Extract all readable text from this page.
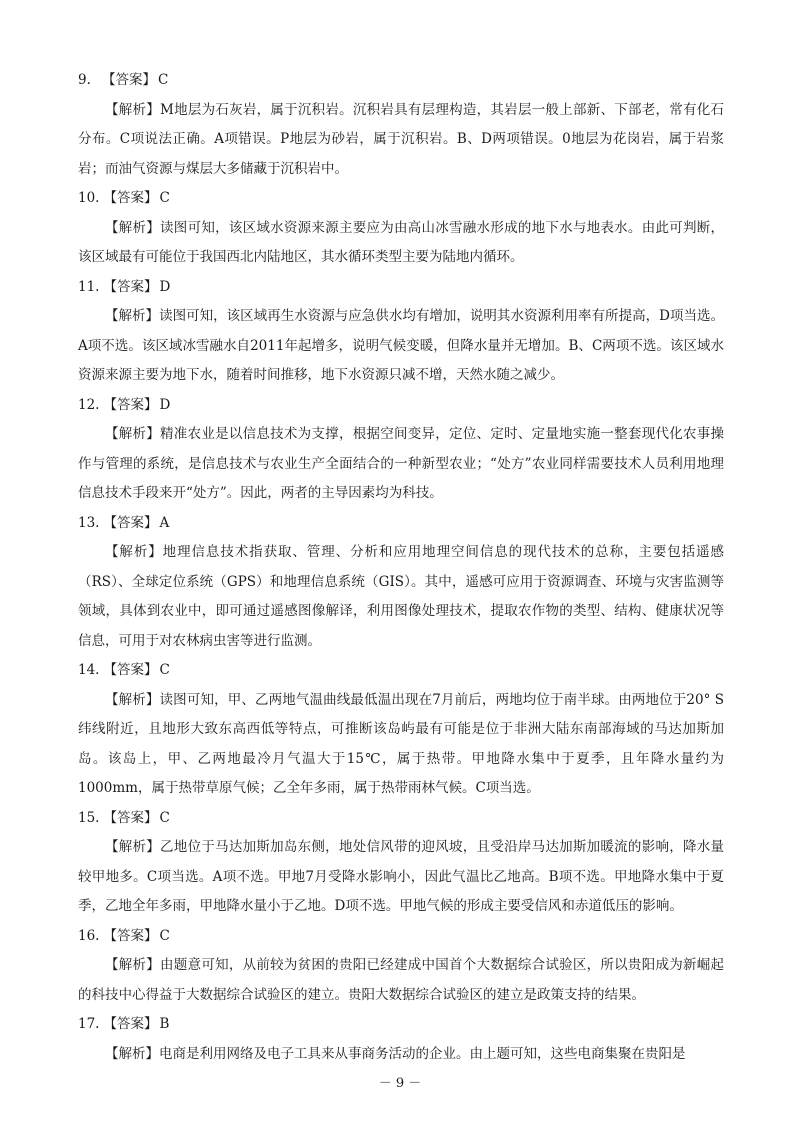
9. 【答案】 C

【解析】M地层为石灰岩，属于沉积岩。沉积岩具有层理构造，其岩层一般上部新、下部老，常有化石分布。C项说法正确。A项错误。P地层为砂岩，属于沉积岩。B、D两项错误。0地层为花岗岩，属于岩浆岩；而油气资源与煤层大多储藏于沉积岩中。

10. 【答案】 C

【解析】读图可知，该区域水资源来源主要应为由高山冰雪融水形成的地下水与地表水。由此可判断，该区域最有可能位于我国西北内陆地区，其水循环类型主要为陆地内循环。

11. 【答案】 D

【解析】读图可知，该区域再生水资源与应急供水均有增加，说明其水资源利用率有所提高，D项当选。A项不选。该区域冰雪融水自2011年起增多，说明气候变暖，但降水量并无增加。B、C两项不选。该区域水资源来源主要为地下水，随着时间推移，地下水资源只减不增，天然水随之减少。

12. 【答案】 D

【解析】精准农业是以信息技术为支撑，根据空间变异，定位、定时、定量地实施一整套现代化农事操作与管理的系统，是信息技术与农业生产全面结合的一种新型农业；“处方”农业同样需要技术人员利用地理信息技术手段来开“处方”。因此，两者的主导因素均为科技。

13. 【答案】 A

【解析】地理信息技术指获取、管理、分析和应用地理空间信息的现代技术的总称，主要包括遥感（RS）、全球定位系统（GPS）和地理信息系统（GIS）。其中，遥感可应用于资源调查、环境与灾害监测等领域，具体到农业中，即可通过遥感图像解译，利用图像处理技术，提取农作物的类型、结构、健康状况等信息，可用于对农林病虫害等进行监测。

14. 【答案】 C

【解析】读图可知，甲、乙两地气温曲线最低温出现在7月前后，两地均位于南半球。由两地位于20° S纬线附近，且地形大致东高西低等特点，可推断该岛屿最有可能是位于非洲大陆东南部海域的马达加斯加岛。该岛上，甲、乙两地最冷月气温大于15℃，属于热带。甲地降水集中于夏季，且年降水量约为1000mm，属于热带草原气候；乙全年多雨，属于热带雨林气候。C项当选。

15. 【答案】 C

【解析】乙地位于马达加斯加岛东侧，地处信风带的迎风坡，且受沿岸马达加斯加暖流的影响，降水量较甲地多。C项当选。A项不选。甲地7月受降水影响小，因此气温比乙地高。B项不选。甲地降水集中于夏季，乙地全年多雨，甲地降水量小于乙地。D项不选。甲地气候的形成主要受信风和赤道低压的影响。

16. 【答案】 C

【解析】由题意可知，从前较为贫困的贵阳已经建成中国首个大数据综合试验区，所以贵阳成为新崛起的科技中心得益于大数据综合试验区的建立。贵阳大数据综合试验区的建立是政策支持的结果。

17. 【答案】 B

【解析】电商是利用网络及电子工具来从事商务活动的企业。由上题可知，这些电商集聚在贵阳是

－ 9 －
